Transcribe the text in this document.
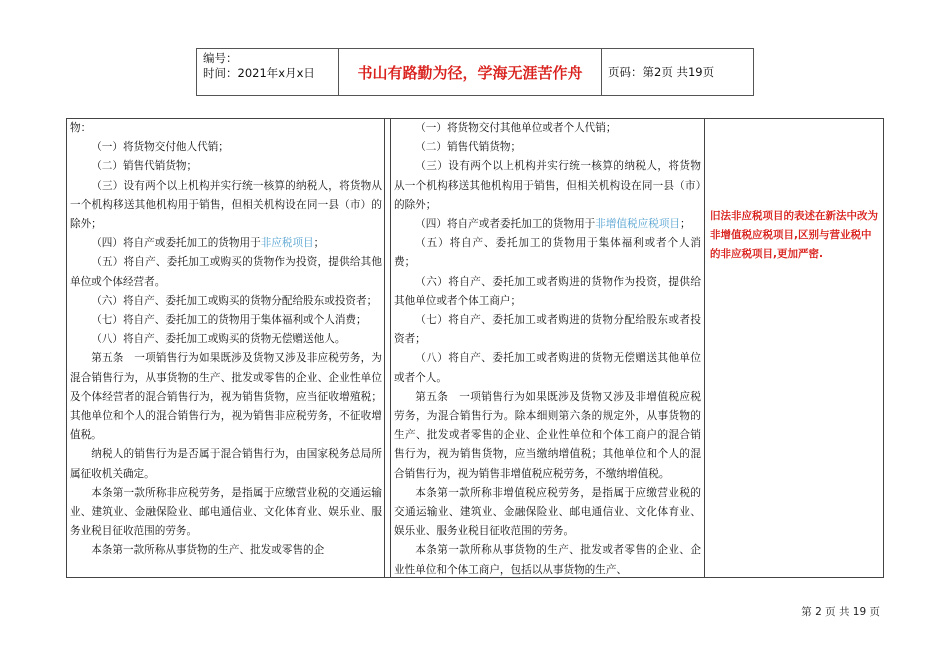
编号：
时间：2021年x月x日	书山有路勤为径，学海无涯苦作舟	页码：第2页 共19页

物：

（一）将货物交付他人代销；

（二）销售代销货物；

（三）设有两个以上机构并实行统一核算的纳税人，将货物从一个机构移送其他机构用于销售，但相关机构设在同一县（市）的除外；

（四）将自产或委托加工的货物用于非应税项目；

（五）将自产、委托加工或购买的货物作为投资，提供给其他单位或个体经营者。

（六）将自产、委托加工或购买的货物分配给股东或投资者；

（七）将自产、委托加工的货物用于集体福利或个人消费；

（八）将自产、委托加工或购买的货物无偿赠送他人。

第五条　一项销售行为如果既涉及货物又涉及非应税劳务，为混合销售行为，从事货物的生产、批发或零售的企业、企业性单位及个体经营者的混合销售行为，视为销售货物，应当征收增殖税；其他单位和个人的混合销售行为，视为销售非应税劳务，不征收增值税。

纳税人的销售行为是否属于混合销售行为，由国家税务总局所属征收机关确定。

本条第一款所称非应税劳务，是指属于应缴营业税的交通运输业、建筑业、金融保险业、邮电通信业、文化体育业、娱乐业、服务业税目征收范围的劳务。

本条第一款所称从事货物的生产、批发或零售的企

（一）将货物交付其他单位或者个人代销；

（二）销售代销货物；

（三）设有两个以上机构并实行统一核算的纳税人，将货物从一个机构移送其他机构用于销售，但相关机构设在同一县（市）的除外；

（四）将自产或者委托加工的货物用于非增值税应税项目；

（五）将自产、委托加工的货物用于集体福利或者个人消费；

（六）将自产、委托加工或者购进的货物作为投资，提供给其他单位或者个体工商户；

（七）将自产、委托加工或者购进的货物分配给股东或者投资者；

（八）将自产、委托加工或者购进的货物无偿赠送其他单位或者个人。

第五条　一项销售行为如果既涉及货物又涉及非增值税应税劳务，为混合销售行为。除本细则第六条的规定外，从事货物的生产、批发或者零售的企业、企业性单位和个体工商户的混合销售行为，视为销售货物，应当缴纳增值税；其他单位和个人的混合销售行为，视为销售非增值税应税劳务，不缴纳增值税。

本条第一款所称非增值税应税劳务，是指属于应缴营业税的交通运输业、建筑业、金融保险业、邮电通信业、文化体育业、娱乐业、服务业税目征收范围的劳务。

本条第一款所称从事货物的生产、批发或者零售的企业、企业性单位和个体工商户，包括以从事货物的生产、

旧法非应税项目的表述在新法中改为非增值税应税项目,区别与营业税中的非应税项目,更加严密.
第 2 页 共 19 页
